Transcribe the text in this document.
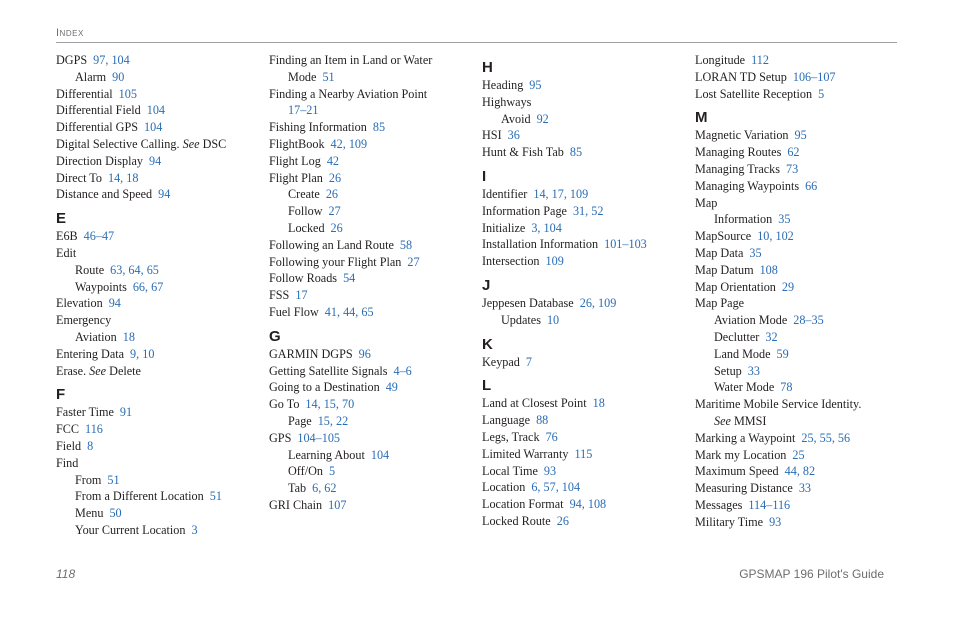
Index
DGPS 97, 104
Alarm 90
Differential 105
Differential Field 104
Differential GPS 104
Digital Selective Calling. See DSC
Direction Display 94
Direct To 14, 18
Distance and Speed 94
E
E6B 46–47
Edit
Route 63, 64, 65
Waypoints 66, 67
Elevation 94
Emergency
Aviation 18
Entering Data 9, 10
Erase. See Delete
F
Faster Time 91
FCC 116
Field 8
Find
From 51
From a Different Location 51
Menu 50
Your Current Location 3
Finding an Item in Land or Water
Mode 51
Finding a Nearby Aviation Point
17–21
Fishing Information 85
FlightBook 42, 109
Flight Log 42
Flight Plan 26
Create 26
Follow 27
Locked 26
Following an Land Route 58
Following your Flight Plan 27
Follow Roads 54
FSS 17
Fuel Flow 41, 44, 65
G
GARMIN DGPS 96
Getting Satellite Signals 4–6
Going to a Destination 49
Go To 14, 15, 70
Page 15, 22
GPS 104–105
Learning About 104
Off/On 5
Tab 6, 62
GRI Chain 107
H
Heading 95
Highways
Avoid 92
HSI 36
Hunt & Fish Tab 85
I
Identifier 14, 17, 109
Information Page 31, 52
Initialize 3, 104
Installation Information 101–103
Intersection 109
J
Jeppesen Database 26, 109
Updates 10
K
Keypad 7
L
Land at Closest Point 18
Language 88
Legs, Track 76
Limited Warranty 115
Local Time 93
Location 6, 57, 104
Location Format 94, 108
Locked Route 26
Longitude 112
LORAN TD Setup 106–107
Lost Satellite Reception 5
M
Magnetic Variation 95
Managing Routes 62
Managing Tracks 73
Managing Waypoints 66
Map
Information 35
MapSource 10, 102
Map Data 35
Map Datum 108
Map Orientation 29
Map Page
Aviation Mode 28–35
Declutter 32
Land Mode 59
Setup 33
Water Mode 78
Maritime Mobile Service Identity.
See MMSI
Marking a Waypoint 25, 55, 56
Mark my Location 25
Maximum Speed 44, 82
Measuring Distance 33
Messages 114–116
Military Time 93
118	GPSMAP 196 Pilot's Guide
